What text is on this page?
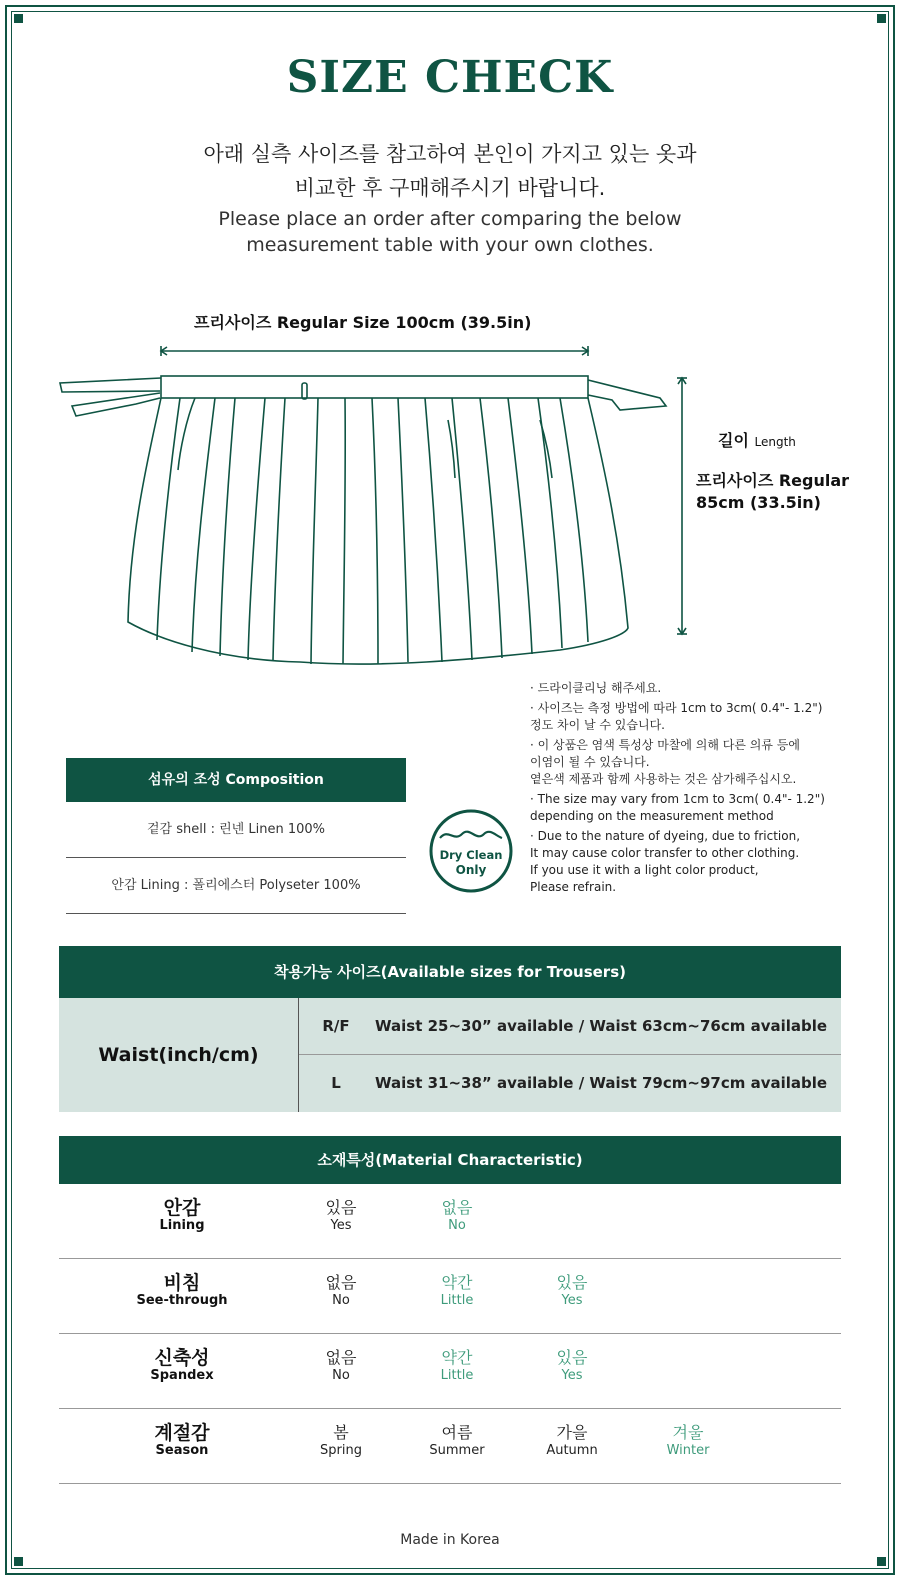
SIZE CHECK
아래 실측 사이즈를 참고하여 본인이 가지고 있는 옷과
비교한 후 구매해주시기 바랍니다.
Please place an order after comparing the below
measurement table with your own clothes.
프리사이즈 Regular Size 100cm (39.5in)
길이 Length
프리사이즈 Regular
85cm (33.5in)

· 드라이클리닝 해주세요.

· 사이즈는 측정 방법에 따라 1cm to 3cm( 0.4"- 1.2")
정도 차이 날 수 있습니다.

· 이 상품은 염색 특성상 마찰에 의해 다른 의류 등에
이염이 될 수 있습니다.
옅은색 제품과 함께 사용하는 것은 삼가해주십시오.

· The size may vary from 1cm to 3cm( 0.4"- 1.2")
depending on the measurement method

· Due to the nature of dyeing, due to friction,
It may cause color transfer to other clothing.
If you use it with a light color product,
Please refrain.

섬유의 조성 Composition
겉감 shell : 린넨 Linen 100%
안감 Lining : 폴리에스터 Polyseter 100%
Dry Clean
Only
착용가능 사이즈(Available sizes for Trousers)
Waist(inch/cm)
R/F Waist 25~30” available / Waist 63cm~76cm available
L	Waist 31~38” available / Waist 79cm~97cm available
소재특성(Material Characteristic)
안감
Lining
있음
Yes
없음
No
비침
See-through
없음
No
약간
Little
있음
Yes
신축성
Spandex
없음
No
약간
Little
있음
Yes
계절감
Season
봄
Spring
여름
Summer
가을
Autumn
겨울
Winter
Made in Korea
